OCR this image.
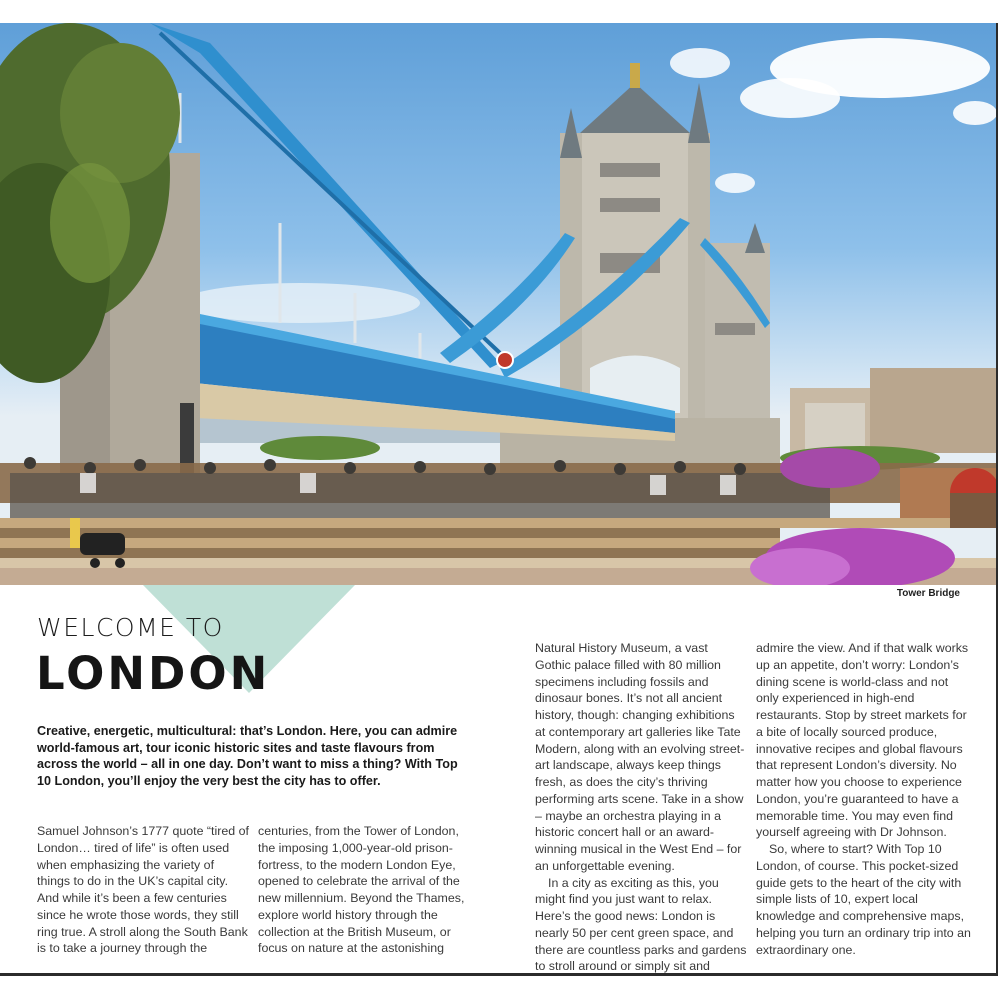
Tower Bridge
WELCOME TO
LONDON
Creative, energetic, multicultural: that’s London. Here, you can admire world-famous art, tour iconic historic sites and taste flavours from across the world – all in one day. Don’t want to miss a thing? With Top 10 London, you’ll enjoy the very best the city has to offer.

Samuel Johnson’s 1777 quote “tired of London… tired of life” is often used when emphasizing the variety of things to do in the UK’s capital city. And while it’s been a few centuries since he wrote those words, they still ring true. A stroll along the South Bank is to take a journey through the

centuries, from the Tower of London, the imposing 1,000-year-old prison-fortress, to the modern London Eye, opened to celebrate the arrival of the new millennium. Beyond the Thames, explore world history through the collection at the British Museum, or focus on nature at the astonishing

Natural History Museum, a vast Gothic palace filled with 80 million specimens including fossils and dinosaur bones. It’s not all ancient history, though: changing exhibitions at contemporary art galleries like Tate Modern, along with an evolving street-art landscape, always keep things fresh, as does the city’s thriving performing arts scene. Take in a show – maybe an orchestra playing in a historic concert hall or an award-winning musical in the West End – for an unforgettable evening.

In a city as exciting as this, you might find you just want to relax. Here’s the good news: London is nearly 50 per cent green space, and there are countless parks and gardens to stroll around or simply sit and

admire the view. And if that walk works up an appetite, don’t worry: London’s dining scene is world-class and not only experienced in high-end restaurants. Stop by street markets for a bite of locally sourced produce, innovative recipes and global flavours that represent London’s diversity. No matter how you choose to experience London, you’re guaranteed to have a memorable time. You may even find yourself agreeing with Dr Johnson.

So, where to start? With Top 10 London, of course. This pocket-sized guide gets to the heart of the city with simple lists of 10, expert local knowledge and comprehensive maps, helping you turn an ordinary trip into an extraordinary one.
